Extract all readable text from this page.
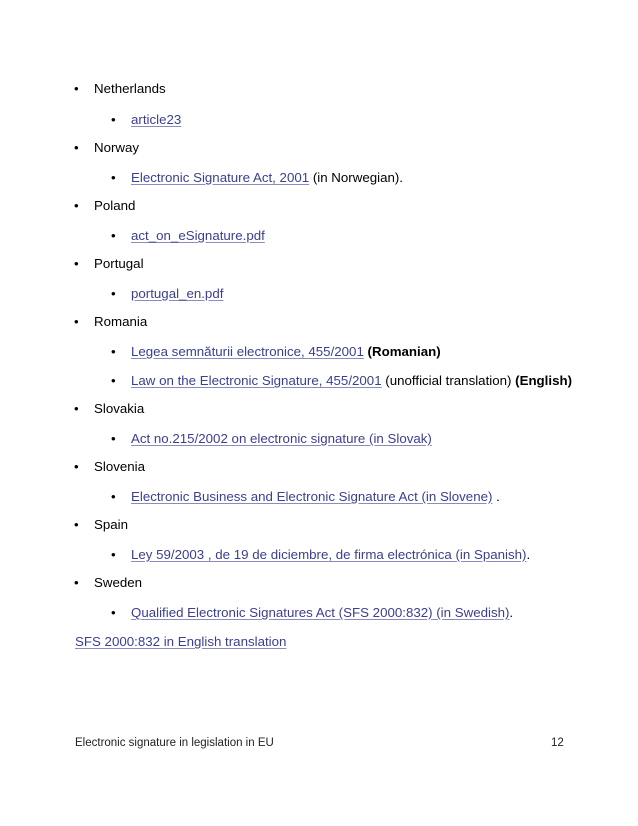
• Netherlands
• article23
• Norway
• Electronic Signature Act, 2001 (in Norwegian).
• Poland
• act_on_eSignature.pdf
• Portugal
• portugal_en.pdf
• Romania
• Legea semnăturii electronice, 455/2001 (Romanian)
• Law on the Electronic Signature, 455/2001 (unofficial translation) (English)
• Slovakia
• Act no.215/2002 on electronic signature (in Slovak)
• Slovenia
• Electronic Business and Electronic Signature Act (in Slovene) .
• Spain
• Ley 59/2003 , de 19 de diciembre, de firma electrónica (in Spanish).
• Sweden
• Qualified Electronic Signatures Act (SFS 2000:832) (in Swedish).
SFS 2000:832 in English translation
Electronic signature in legislation in EU	12
